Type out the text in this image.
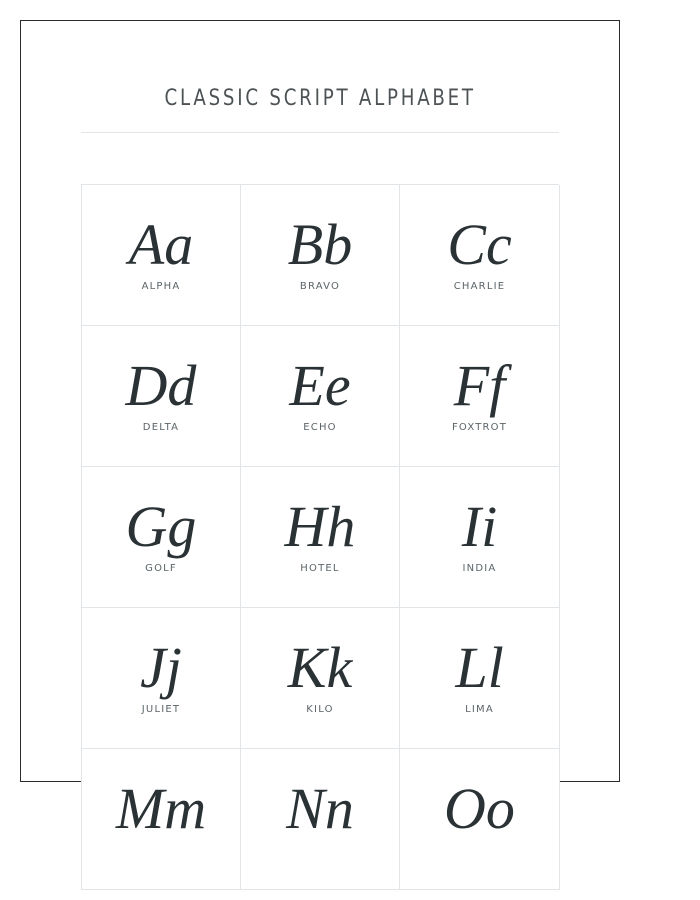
CLASSIC SCRIPT ALPHABET
Aa
ALPHA
Bb
BRAVO
Cc
CHARLIE
Dd
DELTA
Ee
ECHO
Ff
FOXTROT
Gg
GOLF
Hh
HOTEL
Ii
INDIA
Jj
JULIET
Kk
KILO
Ll
LIMA
Mm	Nn	Oo
